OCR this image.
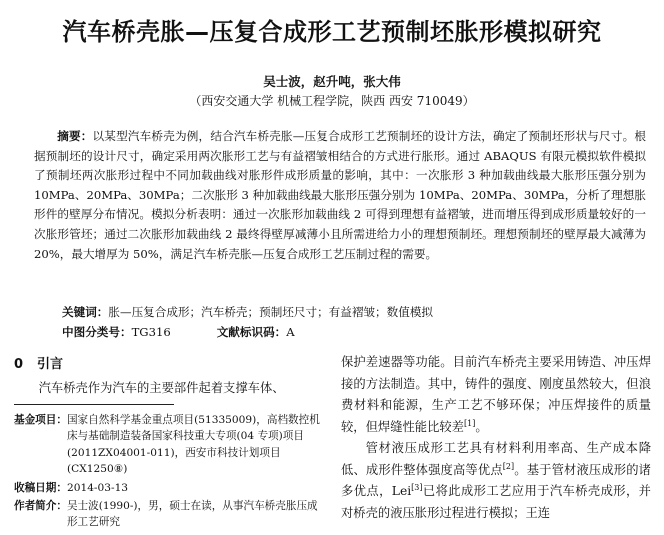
汽车桥壳胀—压复合成形工艺预制坯胀形模拟研究
吴士波，赵升吨，张大伟
（西安交通大学 机械工程学院，陕西 西安 710049）
摘要：以某型汽车桥壳为例，结合汽车桥壳胀—压复合成形工艺预制坯的设计方法，确定了预制坯形状与尺寸。根据预制坯的设计尺寸，确定采用两次胀形工艺与有益褶皱相结合的方式进行胀形。通过 ABAQUS 有限元模拟软件模拟了预制坯两次胀形过程中不同加载曲线对胀形件成形质量的影响，其中：一次胀形 3 种加载曲线最大胀形压强分别为 10MPa、20MPa、30MPa；二次胀形 3 种加载曲线最大胀形压强分别为 10MPa、20MPa、30MPa，分析了理想胀形件的壁厚分布情况。模拟分析表明：通过一次胀形加载曲线 2 可得到理想有益褶皱，进而增压得到成形质量较好的一次胀形管坯；通过二次胀形加载曲线 2 最终得壁厚减薄小且所需进给力小的理想预制坯。理想预制坯的壁厚最大减薄为 20%，最大增厚为 50%，满足汽车桥壳胀—压复合成形工艺压制过程的需要。
关键词：胀—压复合成形；汽车桥壳；预制坯尺寸；有益褶皱；数值模拟
中图分类号：TG316	文献标识码：A
0 引言
汽车桥壳作为汽车的主要部件起着支撑车体、
基金项目： 国家自然科学基金重点项目(51335009)，高档数控机床与基础制造装备国家科技重大专项(04 专项)项目(2011ZX04001-011)，西安市科技计划项目(CX1250⑧)
收稿日期： 2014-03-13
作者简介： 吴士波(1990-)，男，硕士在读，从事汽车桥壳胀压成形工艺研究

保护差速器等功能。目前汽车桥壳主要采用铸造、冲压焊接的方法制造。其中，铸件的强度、刚度虽然较大，但浪费材料和能源，生产工艺不够环保；冲压焊接件的质量较，但焊缝性能比较差[1]。

管材液压成形工艺具有材料利用率高、生产成本降低、成形件整体强度高等优点[2]。基于管材液压成形的诸多优点，Lei[3]已将此成形工艺应用于汽车桥壳成形，并对桥壳的液压胀形过程进行模拟；王连
